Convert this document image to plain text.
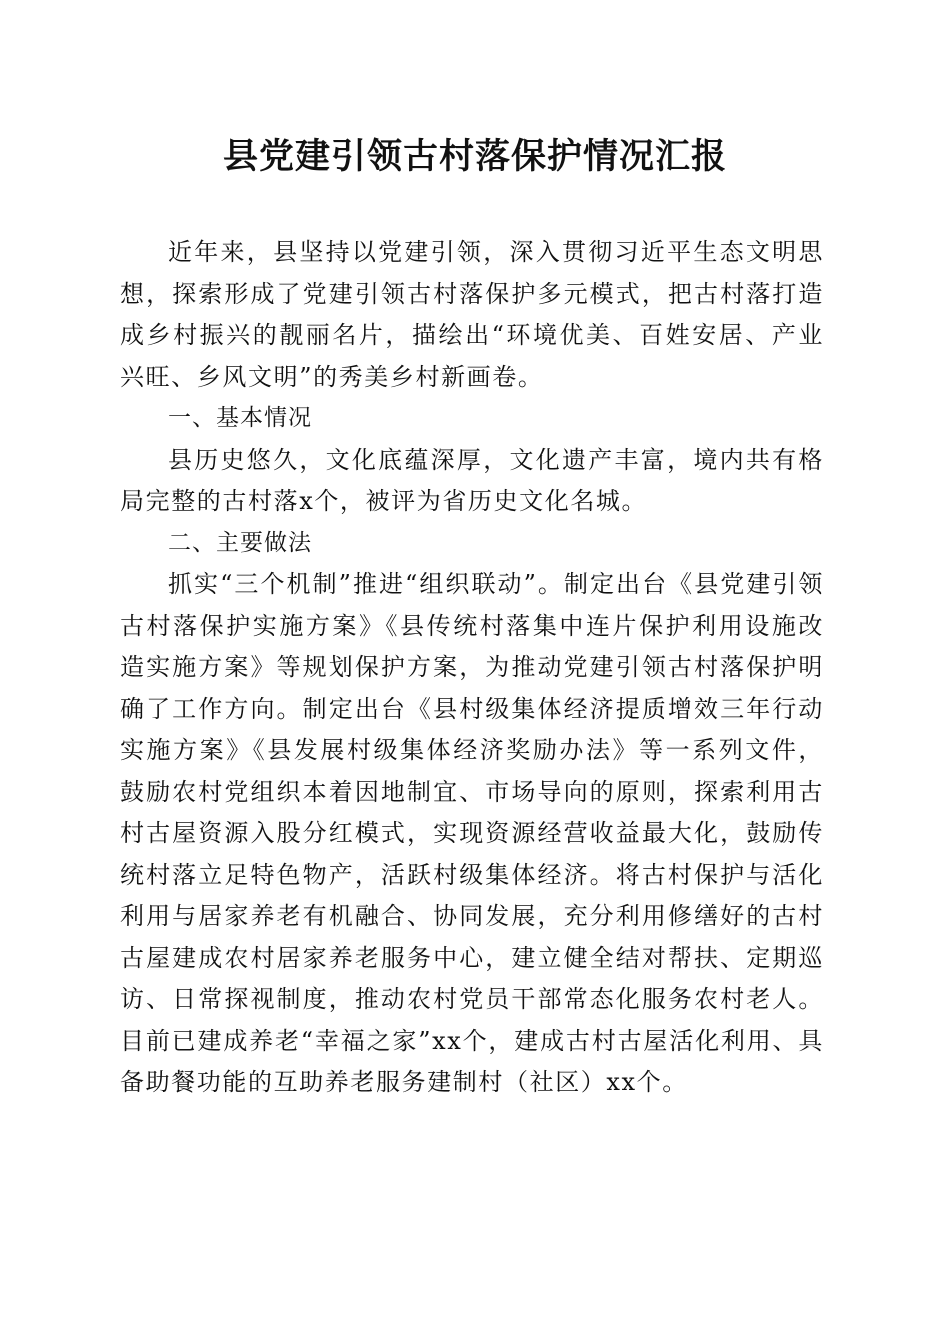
县党建引领古村落保护情况汇报

近年来，县坚持以党建引领，深入贯彻习近平生态文明思想，探索形成了党建引领古村落保护多元模式，把古村落打造成乡村振兴的靓丽名片，描绘出“环境优美、百姓安居、产业兴旺、乡风文明”的秀美乡村新画卷。

一、基本情况

县历史悠久，文化底蕴深厚，文化遗产丰富，境内共有格局完整的古村落x个，被评为省历史文化名城。

二、主要做法

抓实“三个机制”推进“组织联动”。制定出台《县党建引领古村落保护实施方案》《县传统村落集中连片保护利用设施改造实施方案》等规划保护方案，为推动党建引领古村落保护明确了工作方向。制定出台《县村级集体经济提质增效三年行动实施方案》《县发展村级集体经济奖励办法》等一系列文件，鼓励农村党组织本着因地制宜、市场导向的原则，探索利用古村古屋资源入股分红模式，实现资源经营收益最大化，鼓励传统村落立足特色物产，活跃村级集体经济。将古村保护与活化利用与居家养老有机融合、协同发展，充分利用修缮好的古村古屋建成农村居家养老服务中心，建立健全结对帮扶、定期巡访、日常探视制度，推动农村党员干部常态化服务农村老人。目前已建成养老“幸福之家”xx个，建成古村古屋活化利用、具备助餐功能的互助养老服务建制村（社区）xx个。
